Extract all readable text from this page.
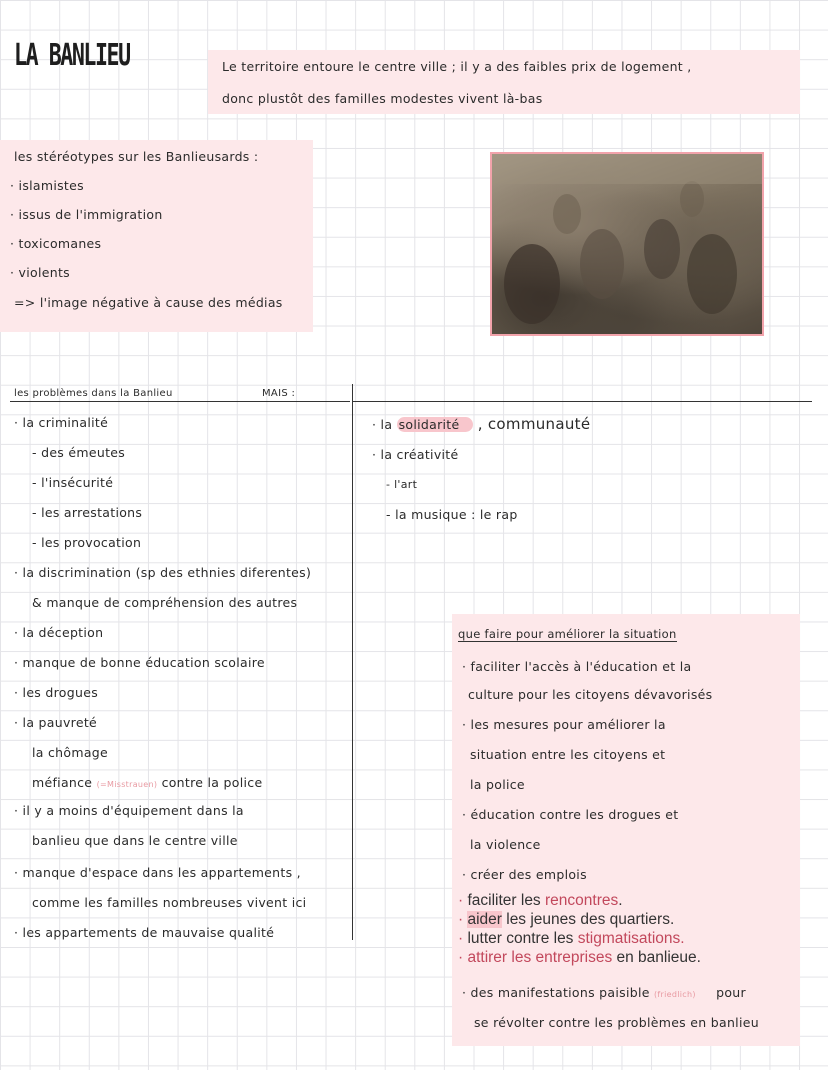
LA BANLIEU	Le territoire entoure le centre ville ; il y a des faibles prix de logement ,
donc plustôt des familles modestes vivent là-bas
les stéréotypes sur les Banlieusards :
· islamistes
· issus de l'immigration
· toxicomanes
· violents
=> l'image négative à cause des médias
les problèmes dans la Banlieu	MAIS :
· la criminalité
- des émeutes
- l'insécurité
- les arrestations
- les provocation
· la discrimination (sp des ethnies diferentes)
& manque de compréhension des autres
· la déception
· manque de bonne éducation scolaire
· les drogues
· la pauvreté
la chômage
méfiance (=Misstrauen) contre la police
· il y a moins d'équipement dans la
banlieu que dans le centre ville
· manque d'espace dans les appartements ,
comme les familles nombreuses vivent ici
· les appartements de mauvaise qualité
· la solidarité , communauté
· la créativité
- l'art
- la musique : le rap
que faire pour améliorer la situation
· faciliter l'accès à l'éducation et la
culture pour les citoyens dévavorisés
· les mesures pour améliorer la
situation entre les citoyens et
la police
· éducation contre les drogues et
la violence
· créer des emplois
· faciliter les rencontres.
· aider les jeunes des quartiers.
· lutter contre les stigmatisations.
· attirer les entreprises en banlieue.
· des manifestations paisible (friedlich) pour
se révolter contre les problèmes en banlieu
